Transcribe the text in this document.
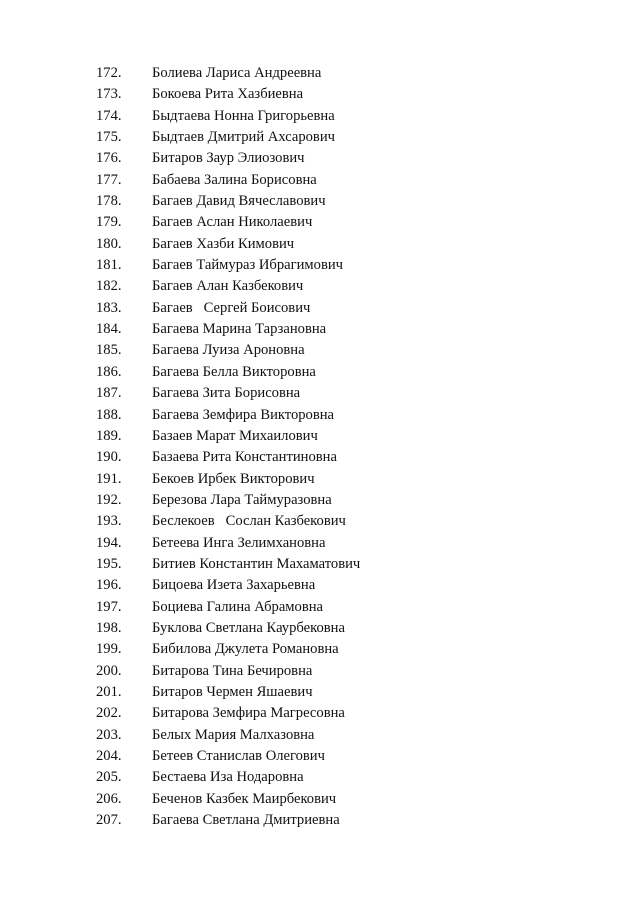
172.	Болиева Лариса Андреевна
173.	Бокоева Рита Хазбиевна
174.	Быдтаева Нонна Григорьевна
175.	Быдтаев Дмитрий Ахсарович
176.	Битаров Заур Элиозович
177.	Бабаева Залина Борисовна
178.	Багаев Давид Вячеславович
179.	Багаев Аслан Николаевич
180.	Багаев Хазби Кимович
181.	Багаев Таймураз Ибрагимович
182.	Багаев Алан Казбекович
183.	Багаев   Сергей Боисович
184.	Багаева Марина Тарзановна
185.	Багаева Луиза Ароновна
186.	Багаева Белла Викторовна
187.	Багаева Зита Борисовна
188.	Багаева Земфира Викторовна
189.	Базаев Марат Михаилович
190.	Базаева Рита Константиновна
191.	Бекоев Ирбек Викторович
192.	Березова Лара Таймуразовна
193.	Беслекоев   Сослан Казбекович
194.	Бетеева Инга Зелимхановна
195.	Битиев Константин Махаматович
196.	Бицоева Изета Захарьевна
197.	Боциева Галина Абрамовна
198.	Буклова Светлана Каурбековна
199.	Бибилова Джулета Романовна
200.	Битарова Тина Бечировна
201.	Битаров Чермен Яшаевич
202.	Битарова Земфира Магресовна
203.	Белых Мария Малхазовна
204.	Бетеев Станислав Олегович
205.	Бестаева Иза Нодаровна
206.	Беченов Казбек Маирбекович
207.	Багаева Светлана Дмитриевна
